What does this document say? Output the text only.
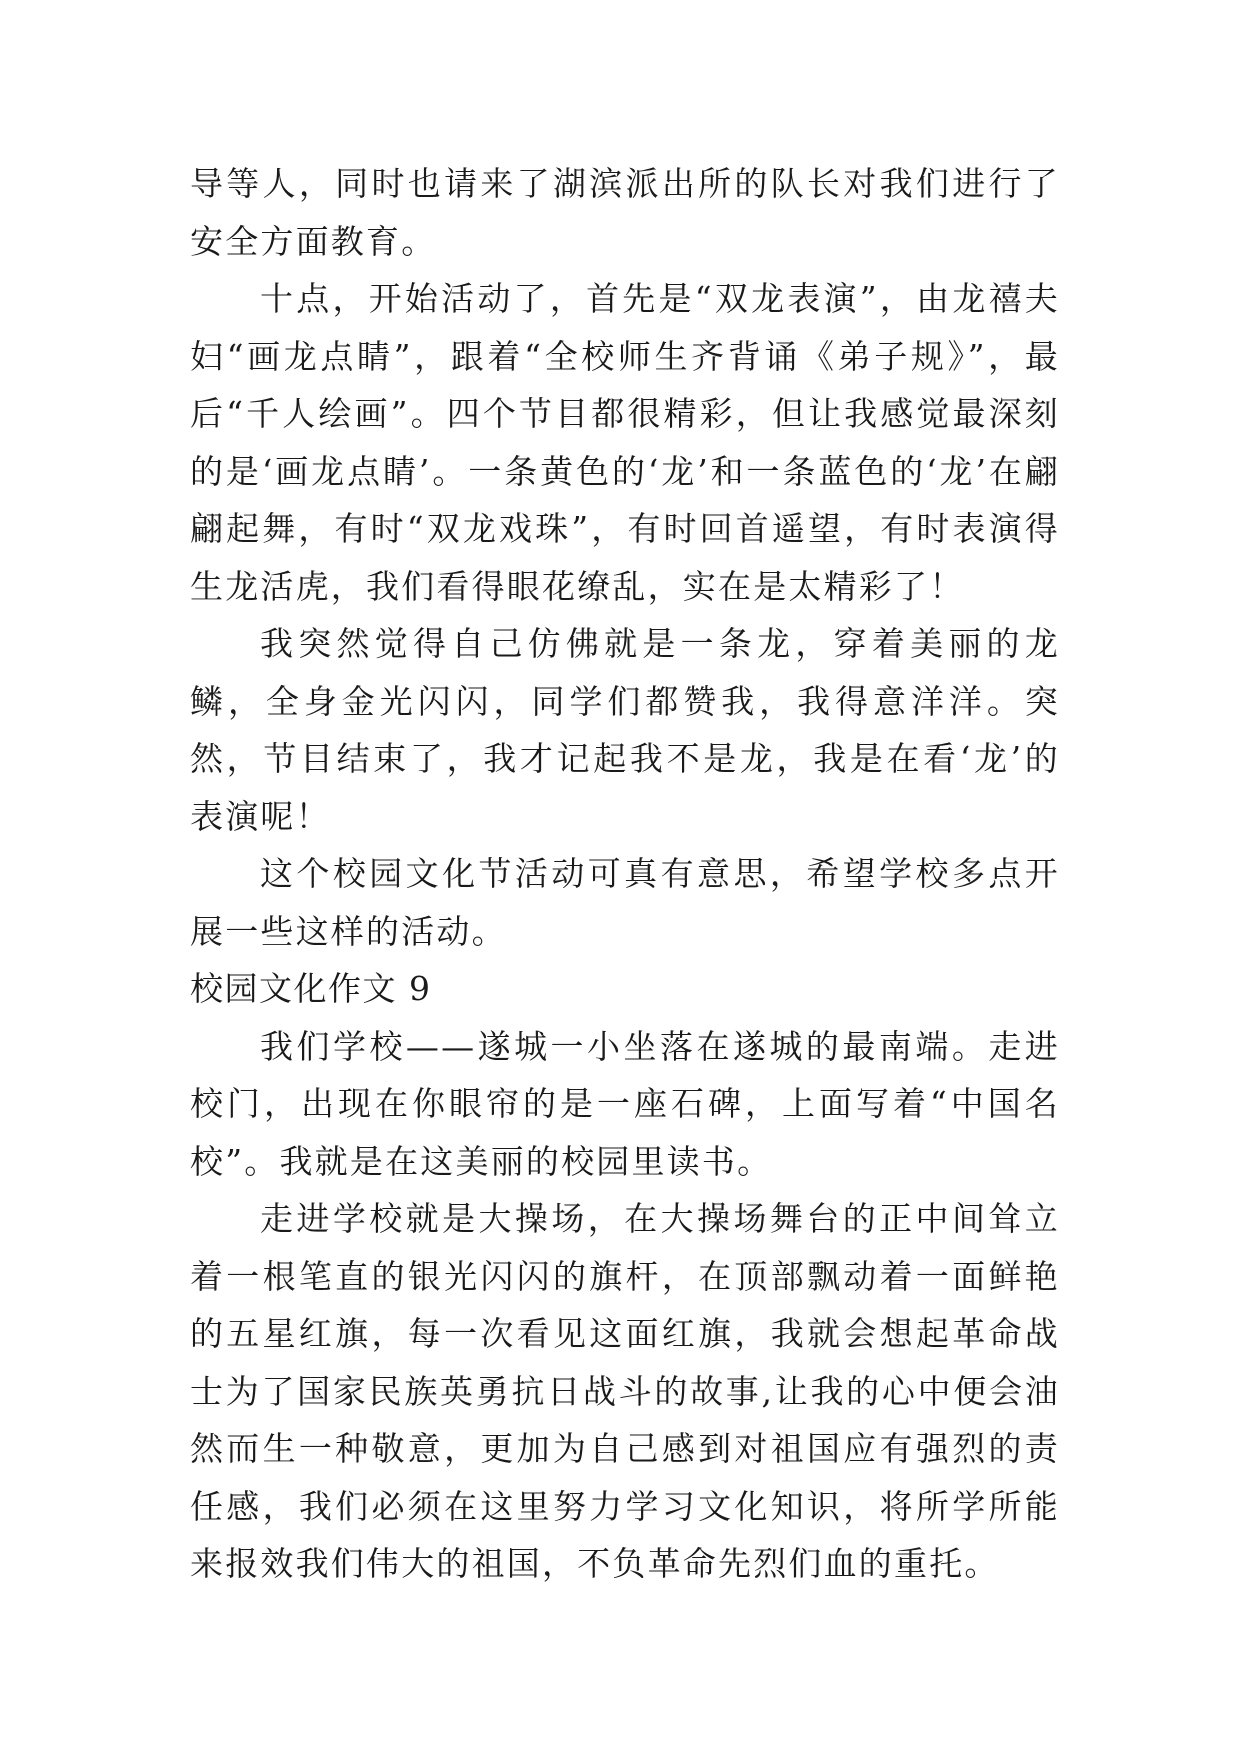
导等人，同时也请来了湖滨派出所的队长对我们进行了安全方面教育。

十点，开始活动了，首先是“双龙表演”，由龙禧夫妇“画龙点睛”，跟着“全校师生齐背诵《弟子规》”，最后“千人绘画”。四个节目都很精彩，但让我感觉最深刻的是‘画龙点睛’。一条黄色的‘龙’和一条蓝色的‘龙’在翩翩起舞，有时“双龙戏珠”，有时回首遥望，有时表演得生龙活虎，我们看得眼花缭乱，实在是太精彩了！

我突然觉得自己仿佛就是一条龙，穿着美丽的龙鳞，全身金光闪闪，同学们都赞我，我得意洋洋。突然，节目结束了，我才记起我不是龙，我是在看‘龙’的表演呢！

这个校园文化节活动可真有意思，希望学校多点开展一些这样的活动。

校园文化作文 9

我们学校——遂城一小坐落在遂城的最南端。走进校门，出现在你眼帘的是一座石碑，上面写着“中国名校”。我就是在这美丽的校园里读书。

走进学校就是大操场，在大操场舞台的正中间耸立着一根笔直的银光闪闪的旗杆，在顶部飘动着一面鲜艳的五星红旗，每一次看见这面红旗，我就会想起革命战士为了国家民族英勇抗日战斗的故事,让我的心中便会油然而生一种敬意，更加为自己感到对祖国应有强烈的责任感，我们必须在这里努力学习文化知识，将所学所能来报效我们伟大的祖国，不负革命先烈们血的重托。
